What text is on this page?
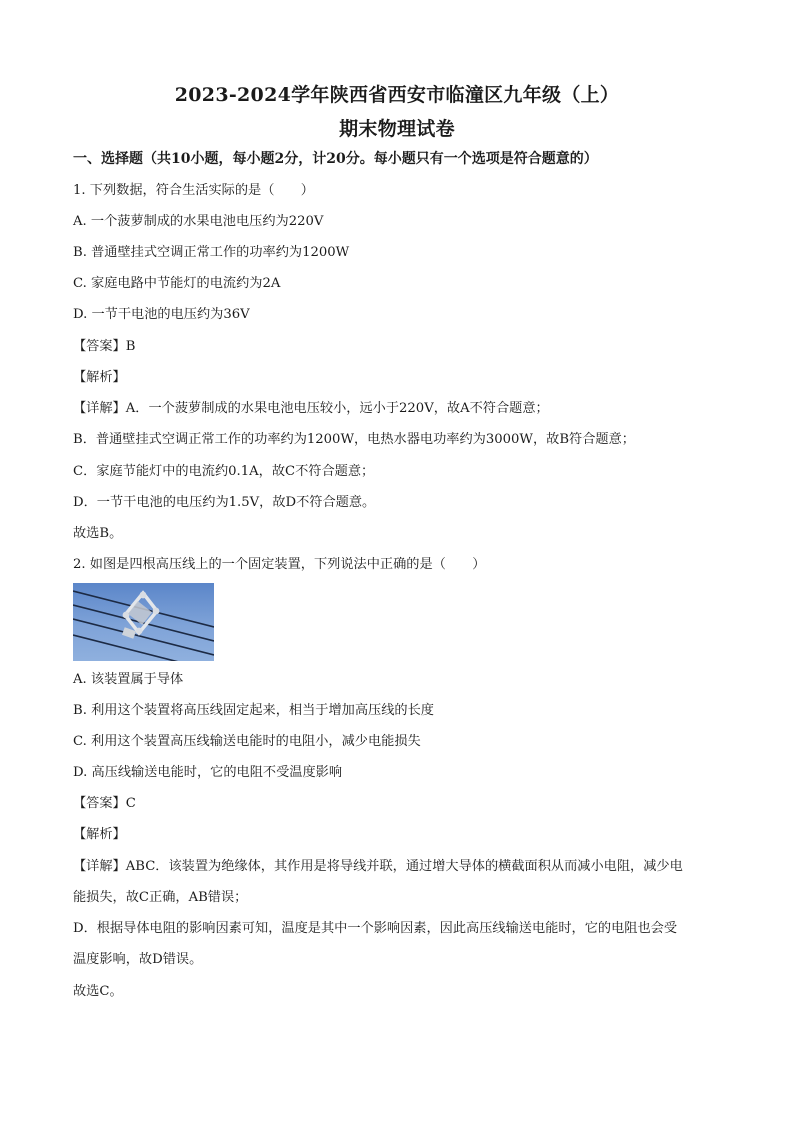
2023-2024学年陕西省西安市临潼区九年级（上）
期末物理试卷
一、选择题（共10小题，每小题2分，计20分。每小题只有一个选项是符合题意的）
1. 下列数据，符合生活实际的是（　　）
A. 一个菠萝制成的水果电池电压约为220V
B. 普通壁挂式空调正常工作的功率约为1200W
C. 家庭电路中节能灯的电流约为2A
D. 一节干电池的电压约为36V
【答案】B
【解析】
【详解】A．一个菠萝制成的水果电池电压较小，远小于220V，故A不符合题意；
B．普通壁挂式空调正常工作的功率约为1200W，电热水器电功率约为3000W，故B符合题意；
C．家庭节能灯中的电流约0.1A，故C不符合题意；
D．一节干电池的电压约为1.5V，故D不符合题意。
故选B。
2. 如图是四根高压线上的一个固定装置，下列说法中正确的是（　　）
A. 该装置属于导体
B. 利用这个装置将高压线固定起来，相当于增加高压线的长度
C. 利用这个装置高压线输送电能时的电阻小，减少电能损失
D. 高压线输送电能时，它的电阻不受温度影响
【答案】C
【解析】
【详解】ABC．该装置为绝缘体，其作用是将导线并联，通过增大导体的横截面积从而减小电阻，减少电
能损失，故C正确，AB错误；
D．根据导体电阻的影响因素可知，温度是其中一个影响因素，因此高压线输送电能时，它的电阻也会受
温度影响，故D错误。
故选C。
